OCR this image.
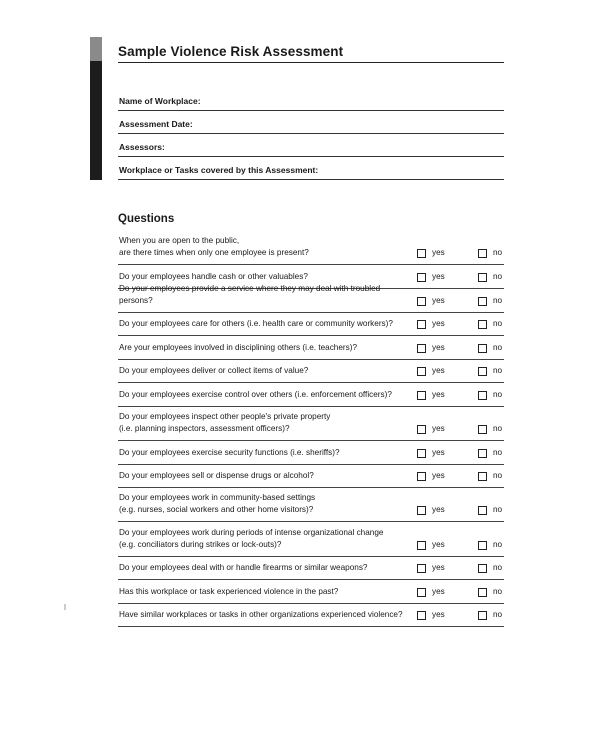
Sample Violence Risk Assessment
Name of Workplace:
Assessment Date:
Assessors:
Workplace or Tasks covered by this Assessment:
Questions
When you are open to the public,
are there times when only one employee is present?	yes	no
Do your employees handle cash or other valuables?	yes	no
Do your employees provide a service where they may deal with troubled persons?	yes	no
Do your employees care for others (i.e. health care or community workers)?	yes	no
Are your employees involved in disciplining others (i.e. teachers)?	yes	no
Do your employees deliver or collect items of value?	yes	no
Do your employees exercise control over others (i.e. enforcement officers)?	yes	no
Do your employees inspect other people's private property
(i.e. planning inspectors, assessment officers)?	yes	no
Do your employees exercise security functions (i.e. sheriffs)?	yes	no
Do your employees sell or dispense drugs or alcohol?	yes	no
Do your employees work in community-based settings
(e.g. nurses, social workers and other home visitors)?	yes	no
Do your employees work during periods of intense organizational change
(e.g. conciliators during strikes or lock-outs)?	yes	no
Do your employees deal with or handle firearms or similar weapons?	yes	no
Has this workplace or task experienced violence in the past?	yes	no
Have similar workplaces or tasks in other organizations experienced violence?	yes	no
